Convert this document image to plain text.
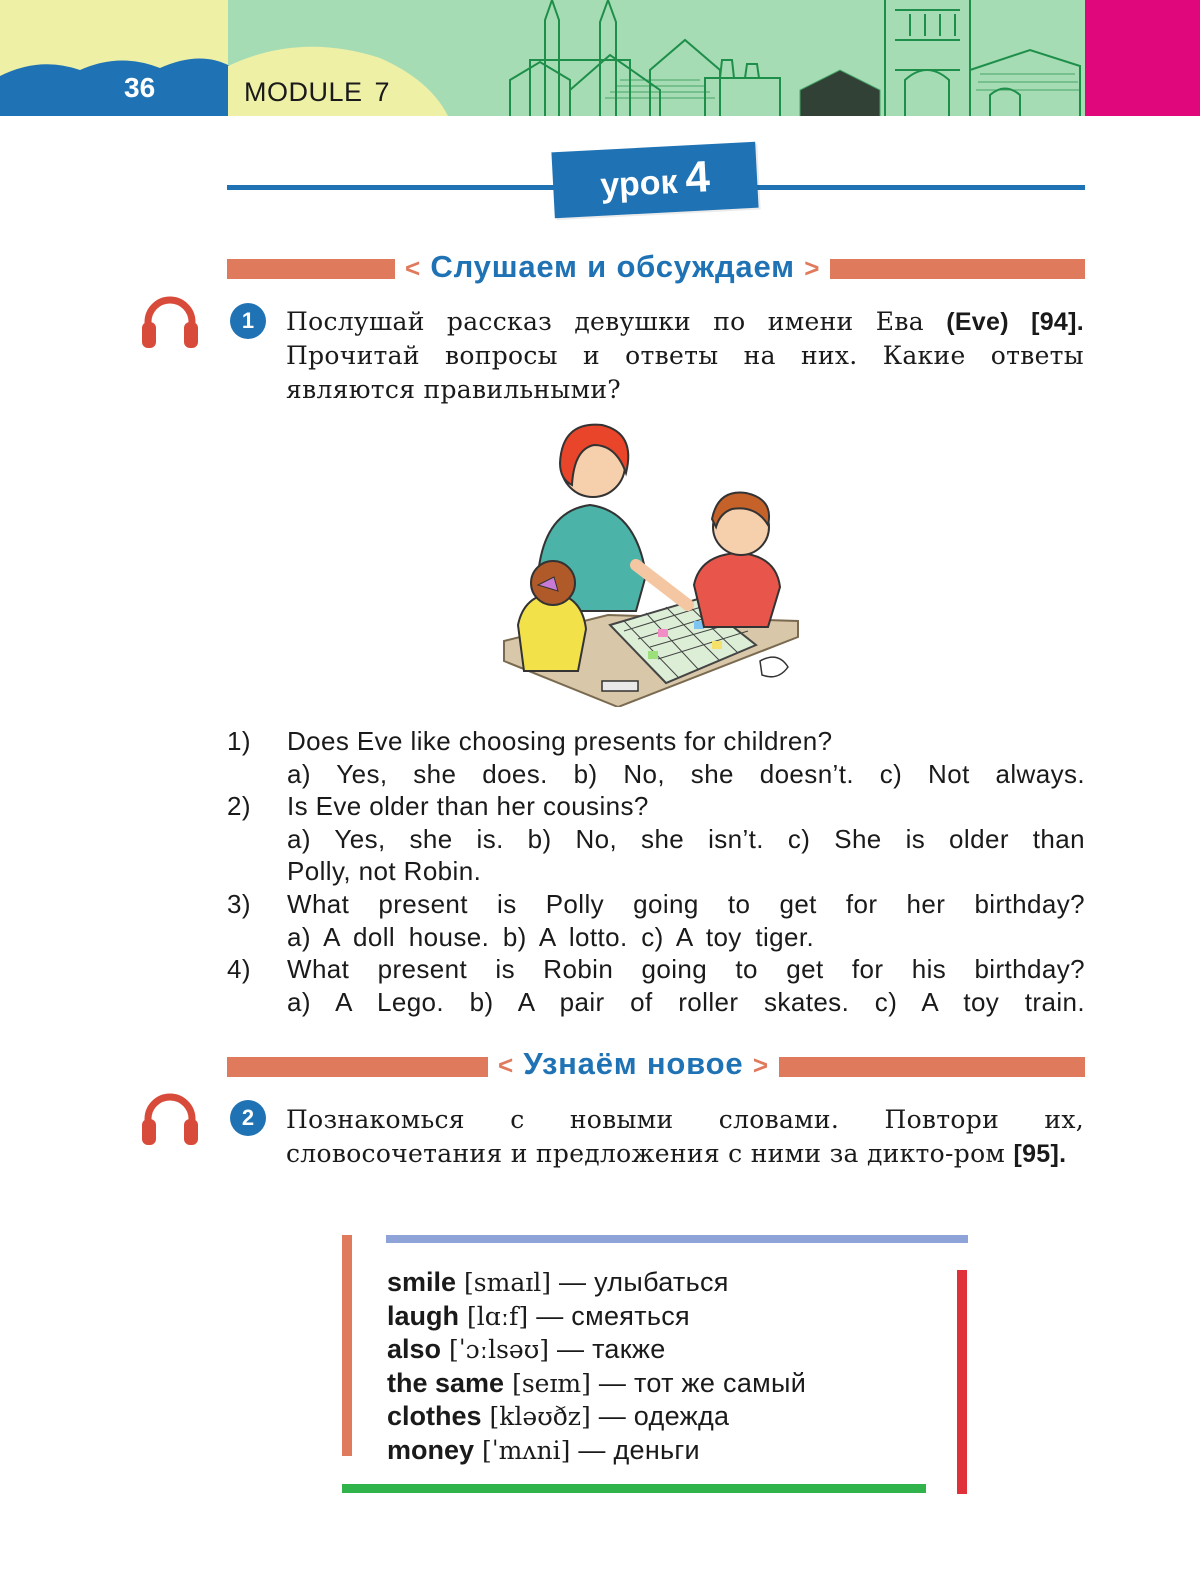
36	MODULE 7
урок 4
< Слушаем и обсуждаем >
1	Послушай рассказ девушки по имени Ева (Eve) [94]. Прочитай вопросы и ответы на них. Какие ответы являются правильными?
1)	Does Eve like choosing presents for children?
a) Yes, she does. b) No, she doesn’t. c) Not always.
2)	Is Eve older than her cousins?
a) Yes, she is. b) No, she isn’t. c) She is older than
Polly, not Robin.
3)	What present is Polly going to get for her birthday?
a) A doll house. b) A lotto. c) A toy tiger.
4)	What present is Robin going to get for his birthday?
a) A Lego. b) A pair of roller skates. c) A toy train.
< Узнаём новое >
2	Познакомься с новыми словами. Повтори их, словосочетания и предложения с ними за дикто-ром [95].
smile [smaɪl] — улыбаться
laugh [lɑːf] — смеяться
also [ˈɔːlsəʊ] — также
the same [seɪm] — тот же самый
clothes [kləʊðz] — одежда
money [ˈmʌni] — деньги
